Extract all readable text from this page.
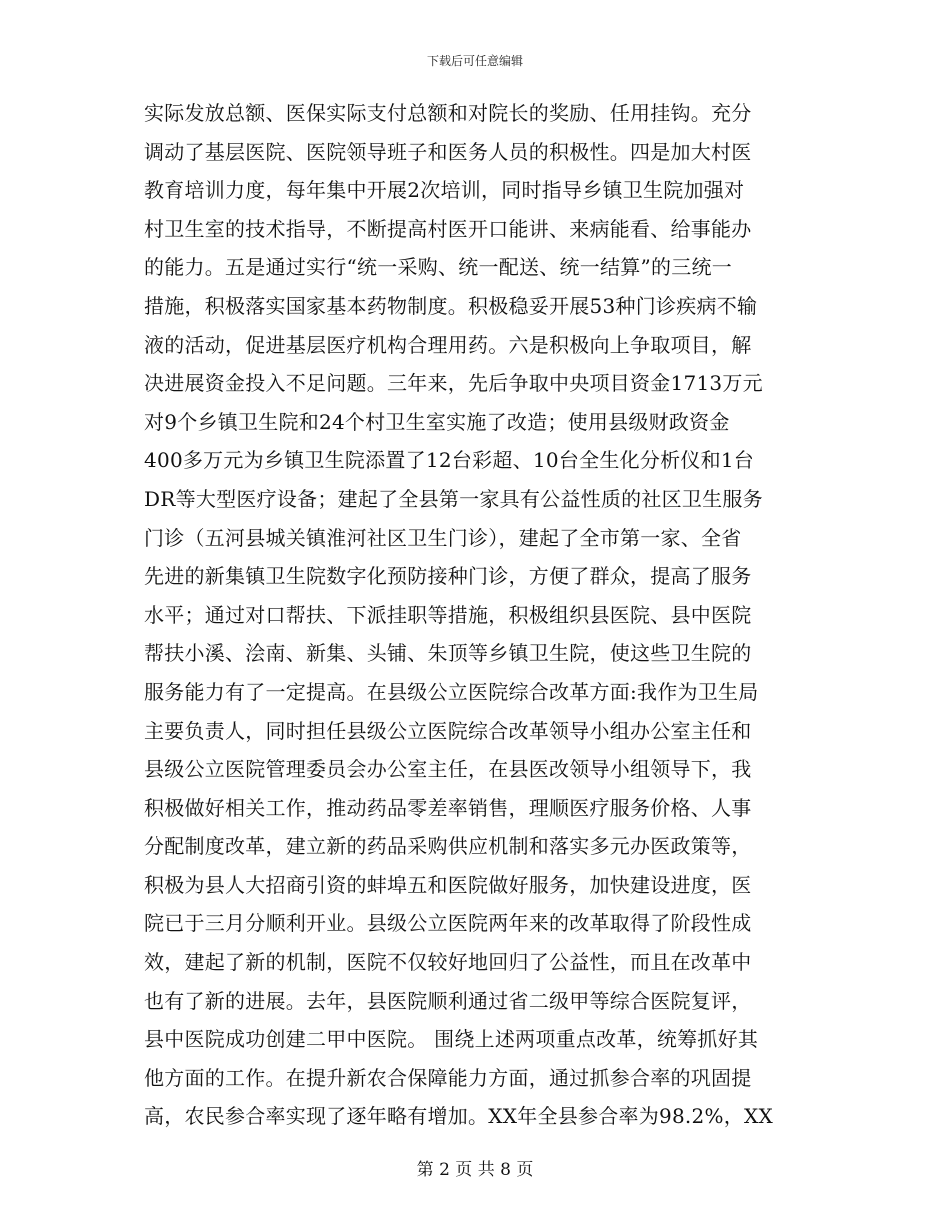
下载后可任意编辑
实际发放总额、医保实际支付总额和对院长的奖励、任用挂钩。充分
调动了基层医院、医院领导班子和医务人员的积极性。四是加大村医
教育培训力度，每年集中开展2次培训，同时指导乡镇卫生院加强对
村卫生室的技术指导，不断提高村医开口能讲、来病能看、给事能办
的能力。五是通过实行“统一采购、统一配送、统一结算”的三统一
措施，积极落实国家基本药物制度。积极稳妥开展53种门诊疾病不输
液的活动，促进基层医疗机构合理用药。六是积极向上争取项目，解
决进展资金投入不足问题。三年来，先后争取中央项目资金1713万元
对9个乡镇卫生院和24个村卫生室实施了改造；使用县级财政资金
400多万元为乡镇卫生院添置了12台彩超、10台全生化分析仪和1台
DR等大型医疗设备；建起了全县第一家具有公益性质的社区卫生服务
门诊（五河县城关镇淮河社区卫生门诊），建起了全市第一家、全省
先进的新集镇卫生院数字化预防接种门诊，方便了群众，提高了服务
水平；通过对口帮扶、下派挂职等措施，积极组织县医院、县中医院
帮扶小溪、浍南、新集、头铺、朱顶等乡镇卫生院，使这些卫生院的
服务能力有了一定提高。在县级公立医院综合改革方面:我作为卫生局
主要负责人，同时担任县级公立医院综合改革领导小组办公室主任和
县级公立医院管理委员会办公室主任，在县医改领导小组领导下，我
积极做好相关工作，推动药品零差率销售，理顺医疗服务价格、人事
分配制度改革，建立新的药品采购供应机制和落实多元办医政策等，
积极为县人大招商引资的蚌埠五和医院做好服务，加快建设进度，医
院已于三月分顺利开业。县级公立医院两年来的改革取得了阶段性成
效，建起了新的机制，医院不仅较好地回归了公益性，而且在改革中
也有了新的进展。去年，县医院顺利通过省二级甲等综合医院复评，
县中医院成功创建二甲中医院。 围绕上述两项重点改革，统筹抓好其
他方面的工作。在提升新农合保障能力方面，通过抓参合率的巩固提
高，农民参合率实现了逐年略有增加。XX年全县参合率为98.2%，XX
第 2 页 共 8 页
